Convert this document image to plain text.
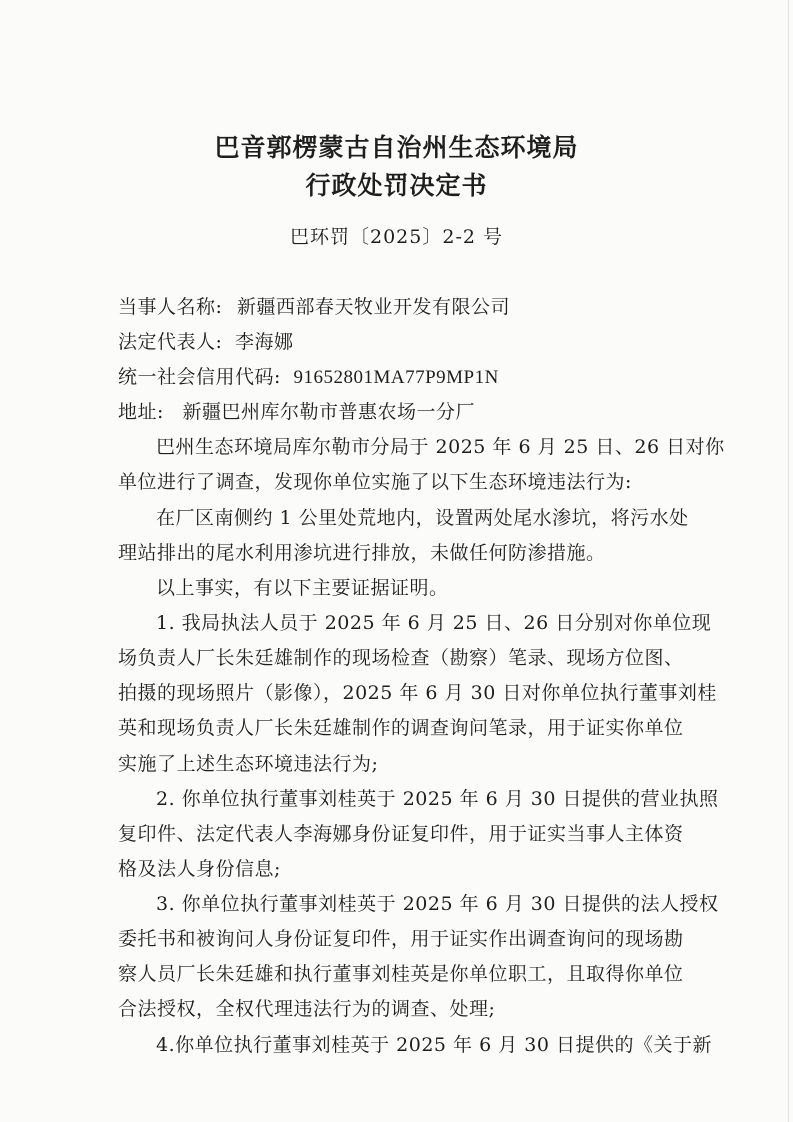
巴音郭楞蒙古自治州生态环境局
行政处罚决定书
巴环罚〔2025〕2-2 号
当事人名称: 新疆西部春天牧业开发有限公司
法定代表人: 李海娜
统一社会信用代码: 91652801MA77P9MP1N
地址: 新疆巴州库尔勒市普惠农场一分厂
巴州生态环境局库尔勒市分局于 2025 年 6 月 25 日、26 日对你
单位进行了调查，发现你单位实施了以下生态环境违法行为:
在厂区南侧约 1 公里处荒地内，设置两处尾水渗坑，将污水处
理站排出的尾水利用渗坑进行排放，未做任何防渗措施。
以上事实，有以下主要证据证明。
1. 我局执法人员于 2025 年 6 月 25 日、26 日分别对你单位现
场负责人厂长朱廷雄制作的现场检查（勘察）笔录、现场方位图、
拍摄的现场照片（影像），2025 年 6 月 30 日对你单位执行董事刘桂
英和现场负责人厂长朱廷雄制作的调查询问笔录，用于证实你单位
实施了上述生态环境违法行为;
2. 你单位执行董事刘桂英于 2025 年 6 月 30 日提供的营业执照
复印件、法定代表人李海娜身份证复印件，用于证实当事人主体资
格及法人身份信息;
3. 你单位执行董事刘桂英于 2025 年 6 月 30 日提供的法人授权
委托书和被询问人身份证复印件，用于证实作出调查询问的现场勘
察人员厂长朱廷雄和执行董事刘桂英是你单位职工，且取得你单位
合法授权，全权代理违法行为的调查、处理;
4.你单位执行董事刘桂英于 2025 年 6 月 30 日提供的《关于新
